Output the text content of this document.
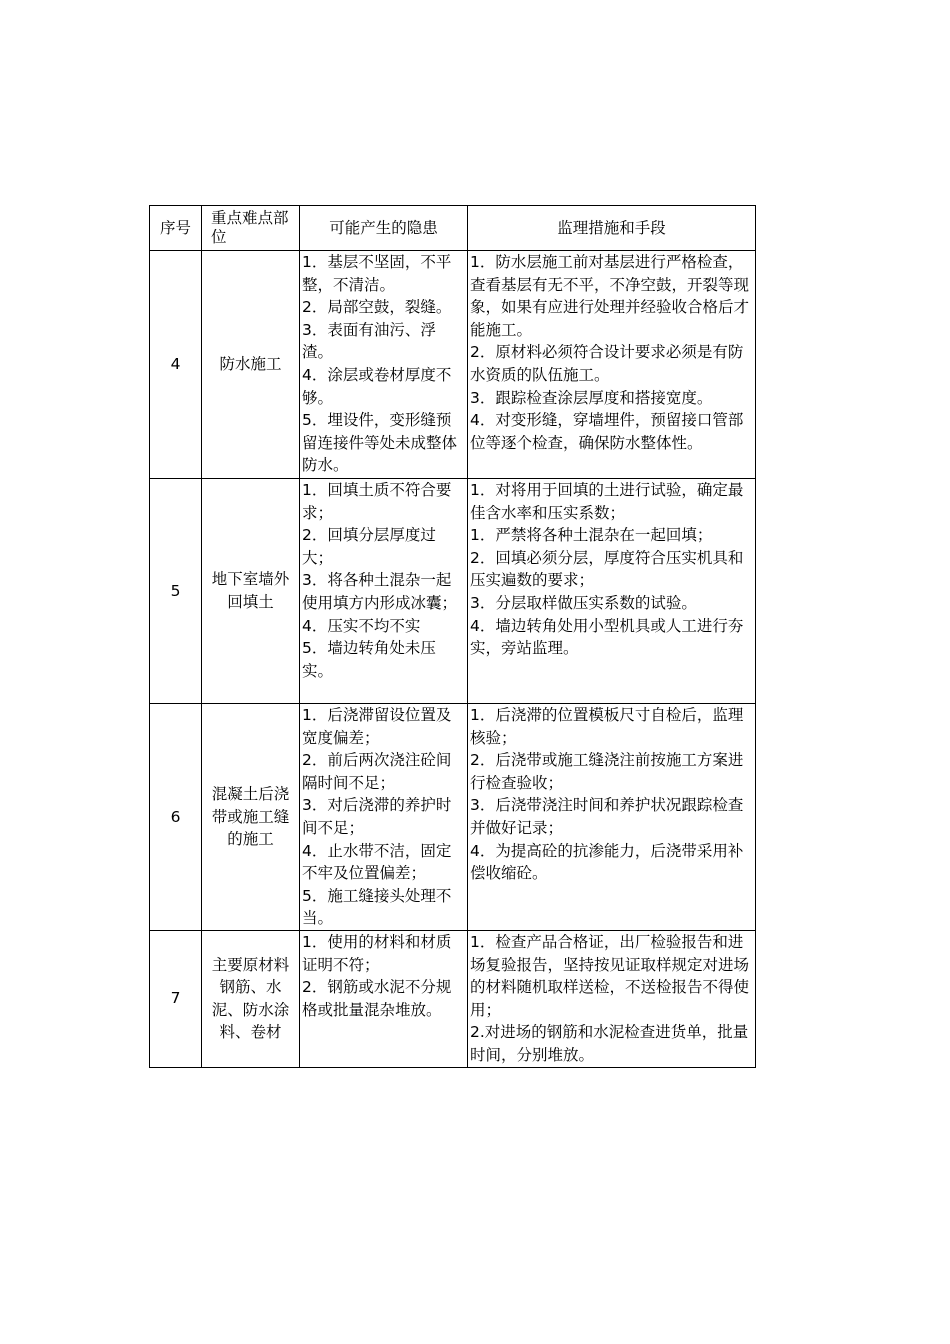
序号	重点难点部位	可能产生的隐患	监理措施和手段
4	防水施工	1．基层不坚固，不平整，不清洁。
2．局部空鼓，裂缝。
3．表面有油污、浮渣。
4．涂层或卷材厚度不够。
5．埋设件，变形缝预留连接件等处未成整体防水。	1．防水层施工前对基层进行严格检查，查看基层有无不平，不净空鼓，开裂等现象，如果有应进行处理并经验收合格后才能施工。
2．原材料必须符合设计要求必须是有防水资质的队伍施工。
3．跟踪检查涂层厚度和搭接宽度。
4．对变形缝，穿墙埋件，预留接口管部位等逐个检查，确保防水整体性。

5	地下室墙外回填土	1．回填土质不符合要求；
2．回填分层厚度过大；
3．将各种土混杂一起使用填方内形成冰囊；
4．压实不均不实
5．墙边转角处未压实。	1．对将用于回填的土进行试验，确定最佳含水率和压实系数；
1．严禁将各种土混杂在一起回填；
2．回填必须分层，厚度符合压实机具和压实遍数的要求；
3．分层取样做压实系数的试验。
4．墙边转角处用小型机具或人工进行夯实，旁站监理。

6	混凝土后浇带或施工缝的施工	1．后浇滞留设位置及宽度偏差；
2．前后两次浇注砼间隔时间不足；
3．对后浇滞的养护时间不足；
4．止水带不洁，固定不牢及位置偏差；
5．施工缝接头处理不当。	1．后浇滞的位置模板尺寸自检后，监理核验；
2．后浇带或施工缝浇注前按施工方案进行检查验收；
3．后浇带浇注时间和养护状况跟踪检查并做好记录；
4．为提高砼的抗渗能力，后浇带采用补偿收缩砼。

7	主要原材料钢筋、水泥、防水涂料、卷材	1．使用的材料和材质证明不符；
2．钢筋或水泥不分规格或批量混杂堆放。	1．检查产品合格证，出厂检验报告和进场复验报告，坚持按见证取样规定对进场的材料随机取样送检，不送检报告不得使用；
2.对进场的钢筋和水泥检查进货单，批量时间，分别堆放。
